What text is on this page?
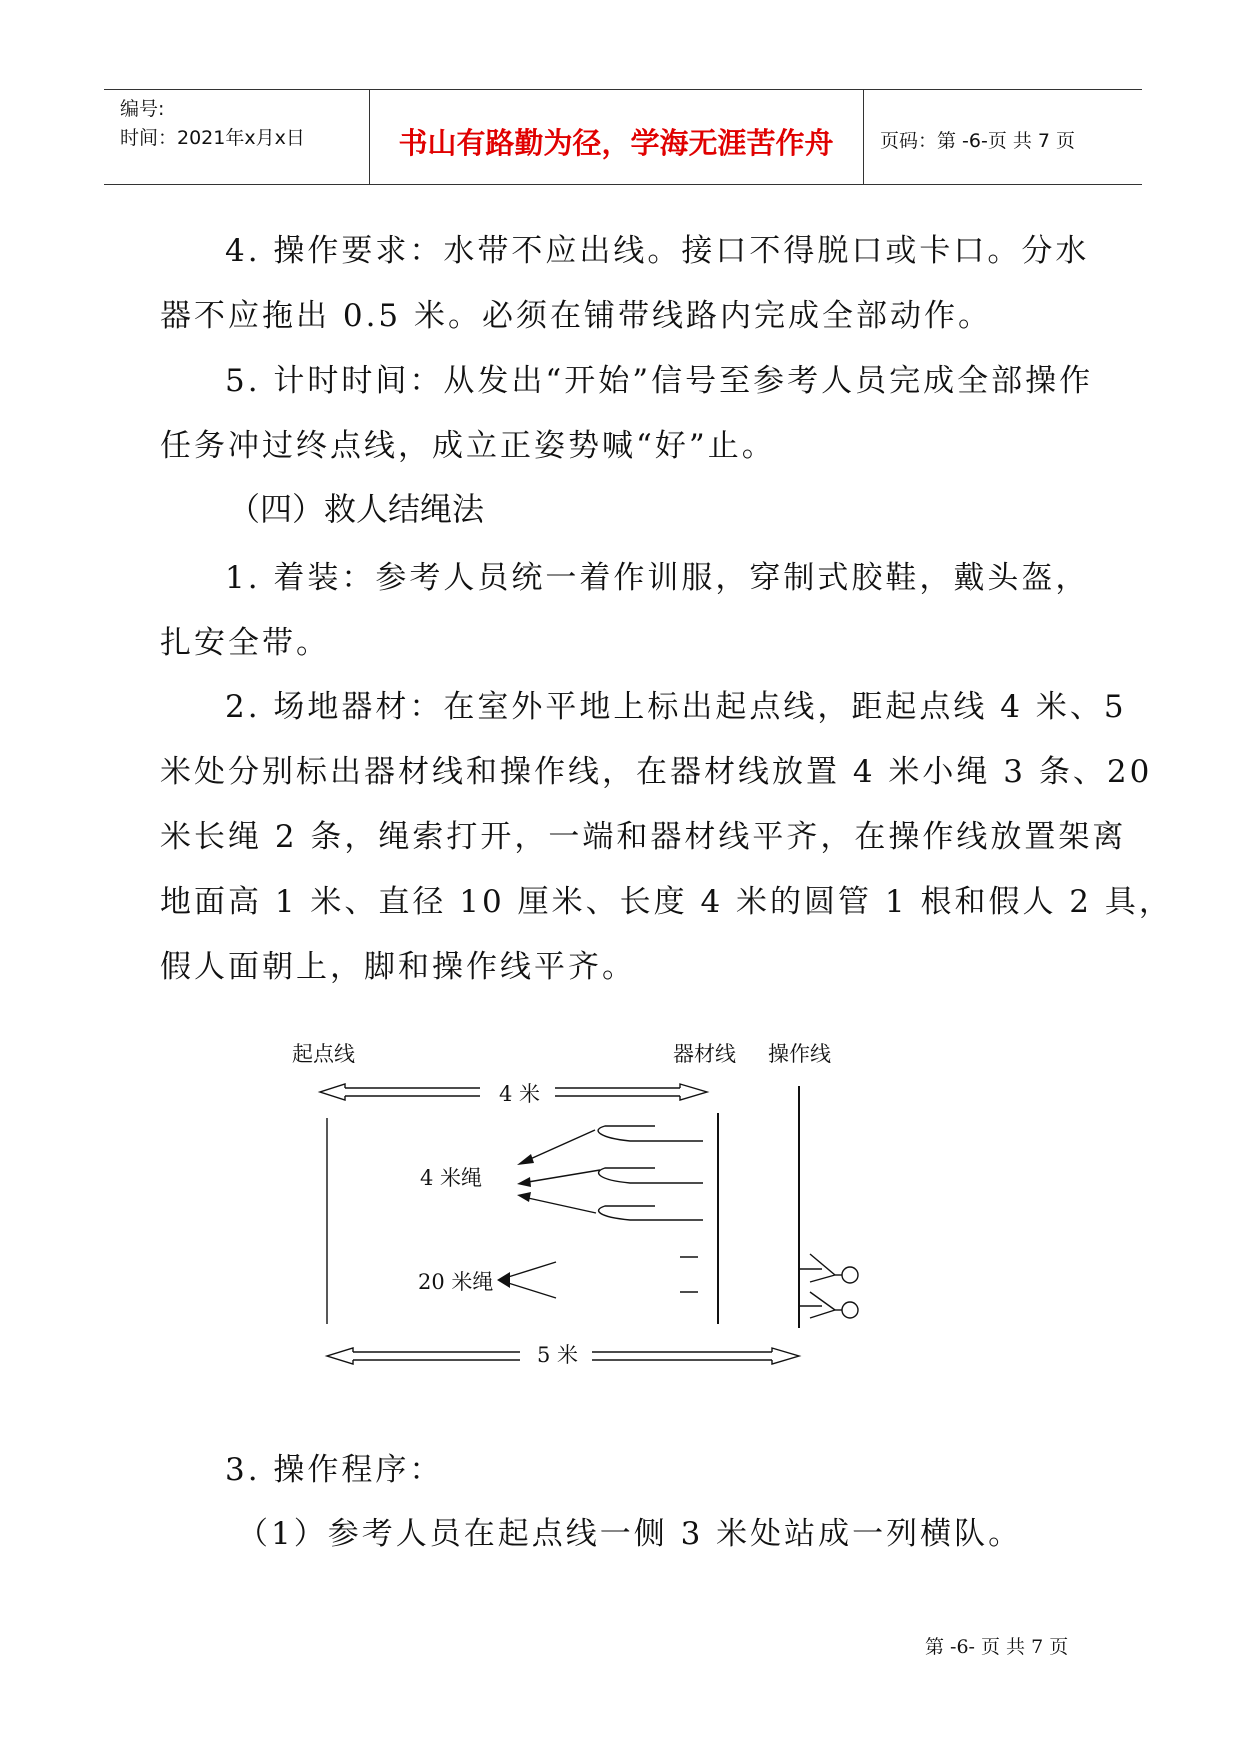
编号:
时间：2021年x月x日	书山有路勤为径，学海无涯苦作舟	页码：第 -6-页 共 7 页
4. 操作要求：水带不应出线。接口不得脱口或卡口。分水
器不应拖出 0.5 米。必须在铺带线路内完成全部动作。
5. 计时时间：从发出“开始”信号至参考人员完成全部操作
任务冲过终点线，成立正姿势喊“好”止。
（四）救人结绳法
1. 着装：参考人员统一着作训服，穿制式胶鞋，戴头盔，
扎安全带。
2. 场地器材：在室外平地上标出起点线，距起点线 4 米、5
米处分别标出器材线和操作线，在器材线放置 4 米小绳 3 条、20
米长绳 2 条，绳索打开，一端和器材线平齐，在操作线放置架离
地面高 1 米、直径 10 厘米、长度 4 米的圆管 1 根和假人 2 具，
假人面朝上，脚和操作线平齐。
起点线	器材线 操作线
4 米
4 米绳
20 米绳
5 米
3. 操作程序：
（1）参考人员在起点线一侧 3 米处站成一列横队。
第 -6- 页 共 7 页
